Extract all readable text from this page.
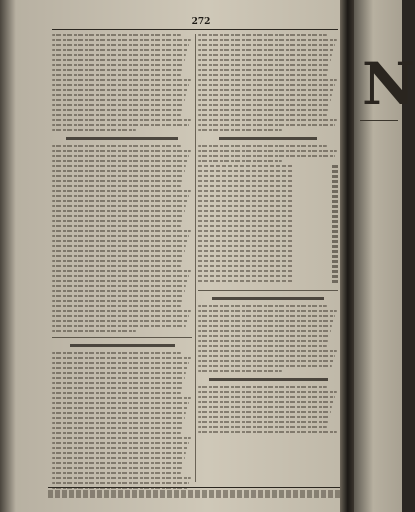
272
N
